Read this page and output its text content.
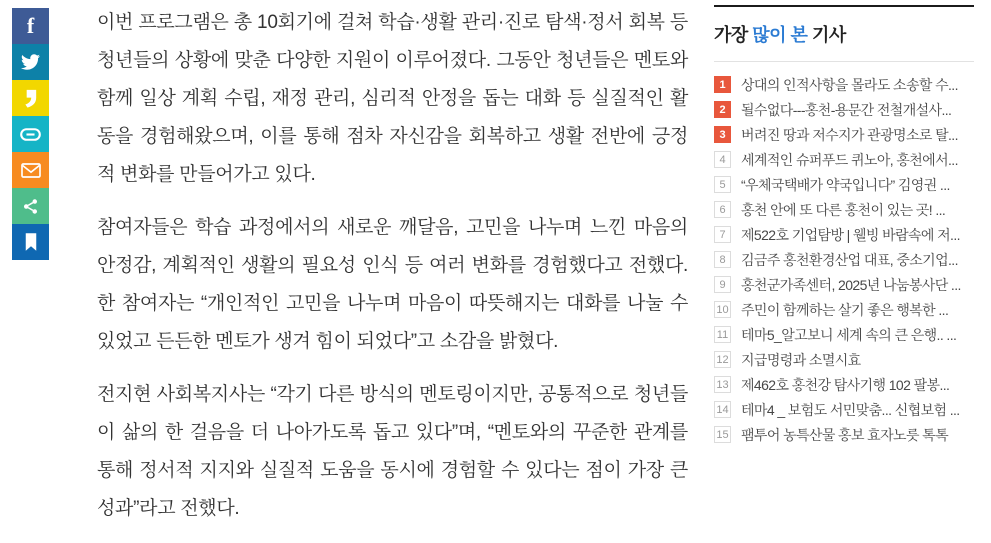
f	이번 프로그램은 총 10회기에 걸쳐 학습·생활 관리·진로 탐색·정서 회복 등 청년들의 상황에 맞춘 다양한 지원이 이루어졌다. 그동안 청년들은 멘토와 함께 일상 계획 수립, 재정 관리, 심리적 안정을 돕는 대화 등 실질적인 활동을 경험해왔으며, 이를 통해 점차 자신감을 회복하고 생활 전반에 긍정적 변화를 만들어가고 있다.

참여자들은 학습 과정에서의 새로운 깨달음, 고민을 나누며 느낀 마음의 안정감, 계획적인 생활의 필요성 인식 등 여러 변화를 경험했다고 전했다. 한 참여자는 “개인적인 고민을 나누며 마음이 따뜻해지는 대화를 나눌 수 있었고 든든한 멘토가 생겨 힘이 되었다”고 소감을 밝혔다.

전지현 사회복지사는 “각기 다른 방식의 멘토링이지만, 공통적으로 청년들이 삶의 한 걸음을 더 나아가도록 돕고 있다”며, “멘토와의 꾸준한 관계를 통해 정서적 지지와 실질적 도움을 동시에 경험할 수 있다는 점이 가장 큰 성과”라고 전했다.

가장 많이 본 기사
1	상대의 인적사항을 몰라도 소송할 수...
2	될수없다---홍천-용문간 전철개설사...
3	버려진 땅과 저수지가 관광명소로 탈...
4	세계적인 슈퍼푸드 퀴노아, 홍천에서...
5	“우체국택배가 약국입니다” 김영권 ...
6	홍천 안에 또 다른 홍천이 있는 곳! ...
7	제522호 기업탐방 | 웰빙 바람속에 저...
8	김금주 홍천환경산업 대표, 중소기업...
9	홍천군가족센터, 2025년 나눔봉사단 ...
10 주민이 함께하는 살기 좋은 행복한 ...
11 테마5_알고보니 세계 속의 큰 은행.. ...
12 지급명령과 소멸시효
13 제462호 홍천강 탐사기행 102 팔봉...
14 테마4 _ 보험도 서민맞춤... 신협보험 ...
15 팸투어 농특산물 홍보 효자노릇 톡톡
